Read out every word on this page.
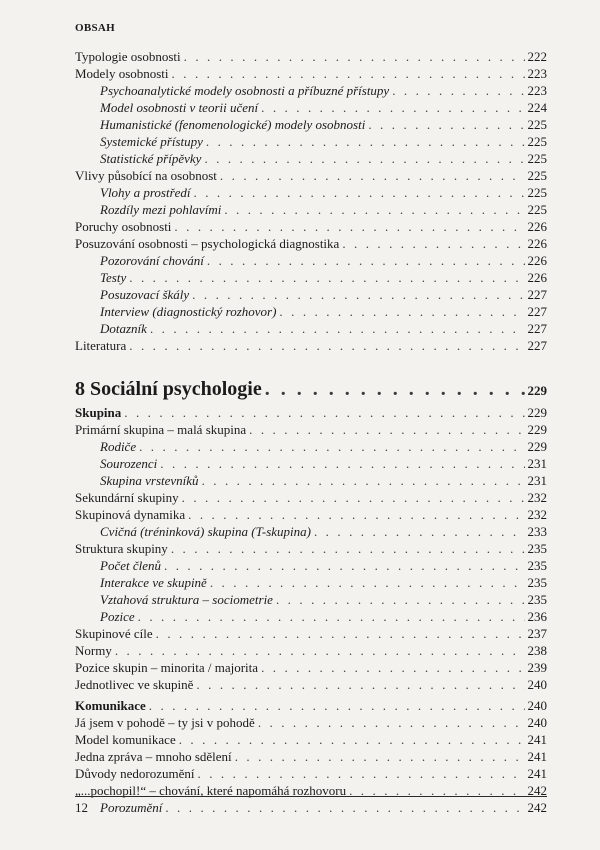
OBSAH
Typologie osobnosti . . .	222
Modely osobnosti . . .	223
Psychoanalytické modely osobnosti a příbuzné přístupy . . .	223
Model osobnosti v teorii učení . . .	224
Humanistické (fenomenologické) modely osobnosti . . .	225
Systemické přístupy . . .	225
Statistické přípěvky . . .	225
Vlivy působící na osobnost . . .	225
Vlohy a prostředí . . .	225
Rozdíly mezi pohlavími . . .	225
Poruchy osobnosti . . .	226
Posuzování osobnosti – psychologická diagnostika . . .	226
Pozorování chování . . .	226
Testy . . .	226
Posuzovací škály . . .	227
Interview (diagnostický rozhovor) . . .	227
Dotazník . . .	227
Literatura . . .	227
8 Sociální psychologie . . .	229
Skupina . . .	229
Primární skupina – malá skupina . . .	229
Rodiče . . .	229
Sourozenci . . .	231
Skupina vrstevníků . . .	231
Sekundární skupiny . . .	232
Skupinová dynamika . . .	232
Cvičná (tréninková) skupina (T-skupina) . . .	233
Struktura skupiny . . .	235
Počet členů . . .	235
Interakce ve skupině . . .	235
Vztahová struktura – sociometrie . . .	235
Pozice . . .	236
Skupinové cíle . . .	237
Normy . . .	238
Pozice skupin – minorita / majorita . . .	239
Jednotlivec ve skupině . . .	240
Komunikace . . .	240
Já jsem v pohodě – ty jsi v pohodě . . .	240
Model komunikace . . .	241
Jedna zpráva – mnoho sdělení . . .	241
Důvody nedorozumění . . .	241
„...pochopil!“ – chování, které napomáhá rozhovoru . . .	242
Porozumění . . .	242
12
